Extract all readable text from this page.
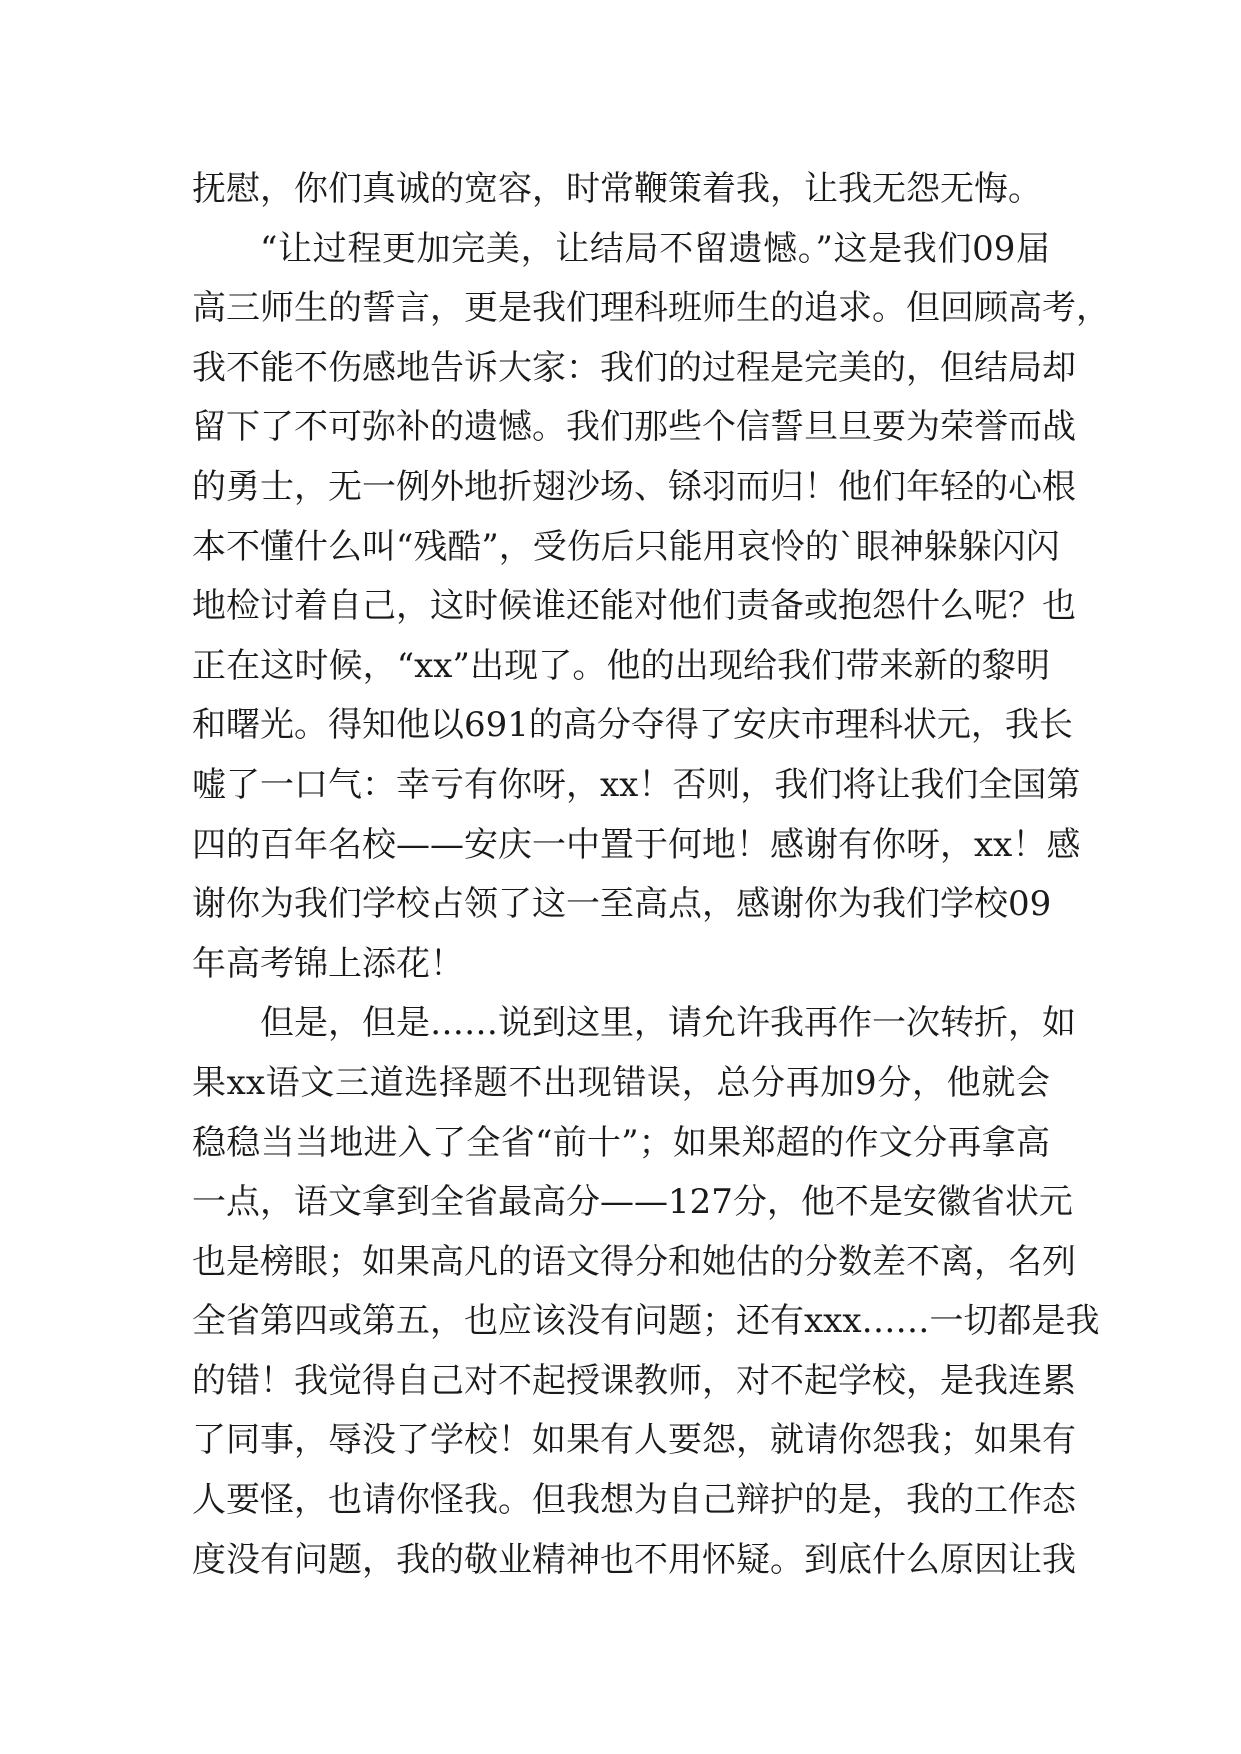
抚慰，你们真诚的宽容，时常鞭策着我，让我无怨无悔。
“让过程更加完美，让结局不留遗憾。”这是我们09届
高三师生的誓言，更是我们理科班师生的追求。但回顾高考，
我不能不伤感地告诉大家：我们的过程是完美的，但结局却
留下了不可弥补的遗憾。我们那些个信誓旦旦要为荣誉而战
的勇士，无一例外地折翅沙场、铩羽而归！他们年轻的心根
本不懂什么叫“残酷”，受伤后只能用哀怜的`眼神躲躲闪闪
地检讨着自己，这时候谁还能对他们责备或抱怨什么呢？也
正在这时候，“xx”出现了。他的出现给我们带来新的黎明
和曙光。得知他以691的高分夺得了安庆市理科状元，我长
嘘了一口气：幸亏有你呀，xx！否则，我们将让我们全国第
四的百年名校——安庆一中置于何地！感谢有你呀，xx！感
谢你为我们学校占领了这一至高点，感谢你为我们学校09
年高考锦上添花！
但是，但是……说到这里，请允许我再作一次转折，如
果xx语文三道选择题不出现错误，总分再加9分，他就会
稳稳当当地进入了全省“前十”；如果郑超的作文分再拿高
一点，语文拿到全省最高分——127分，他不是安徽省状元
也是榜眼；如果高凡的语文得分和她估的分数差不离，名列
全省第四或第五，也应该没有问题；还有xxx……一切都是我
的错！我觉得自己对不起授课教师，对不起学校，是我连累
了同事，辱没了学校！如果有人要怨，就请你怨我；如果有
人要怪，也请你怪我。但我想为自己辩护的是，我的工作态
度没有问题，我的敬业精神也不用怀疑。到底什么原因让我
